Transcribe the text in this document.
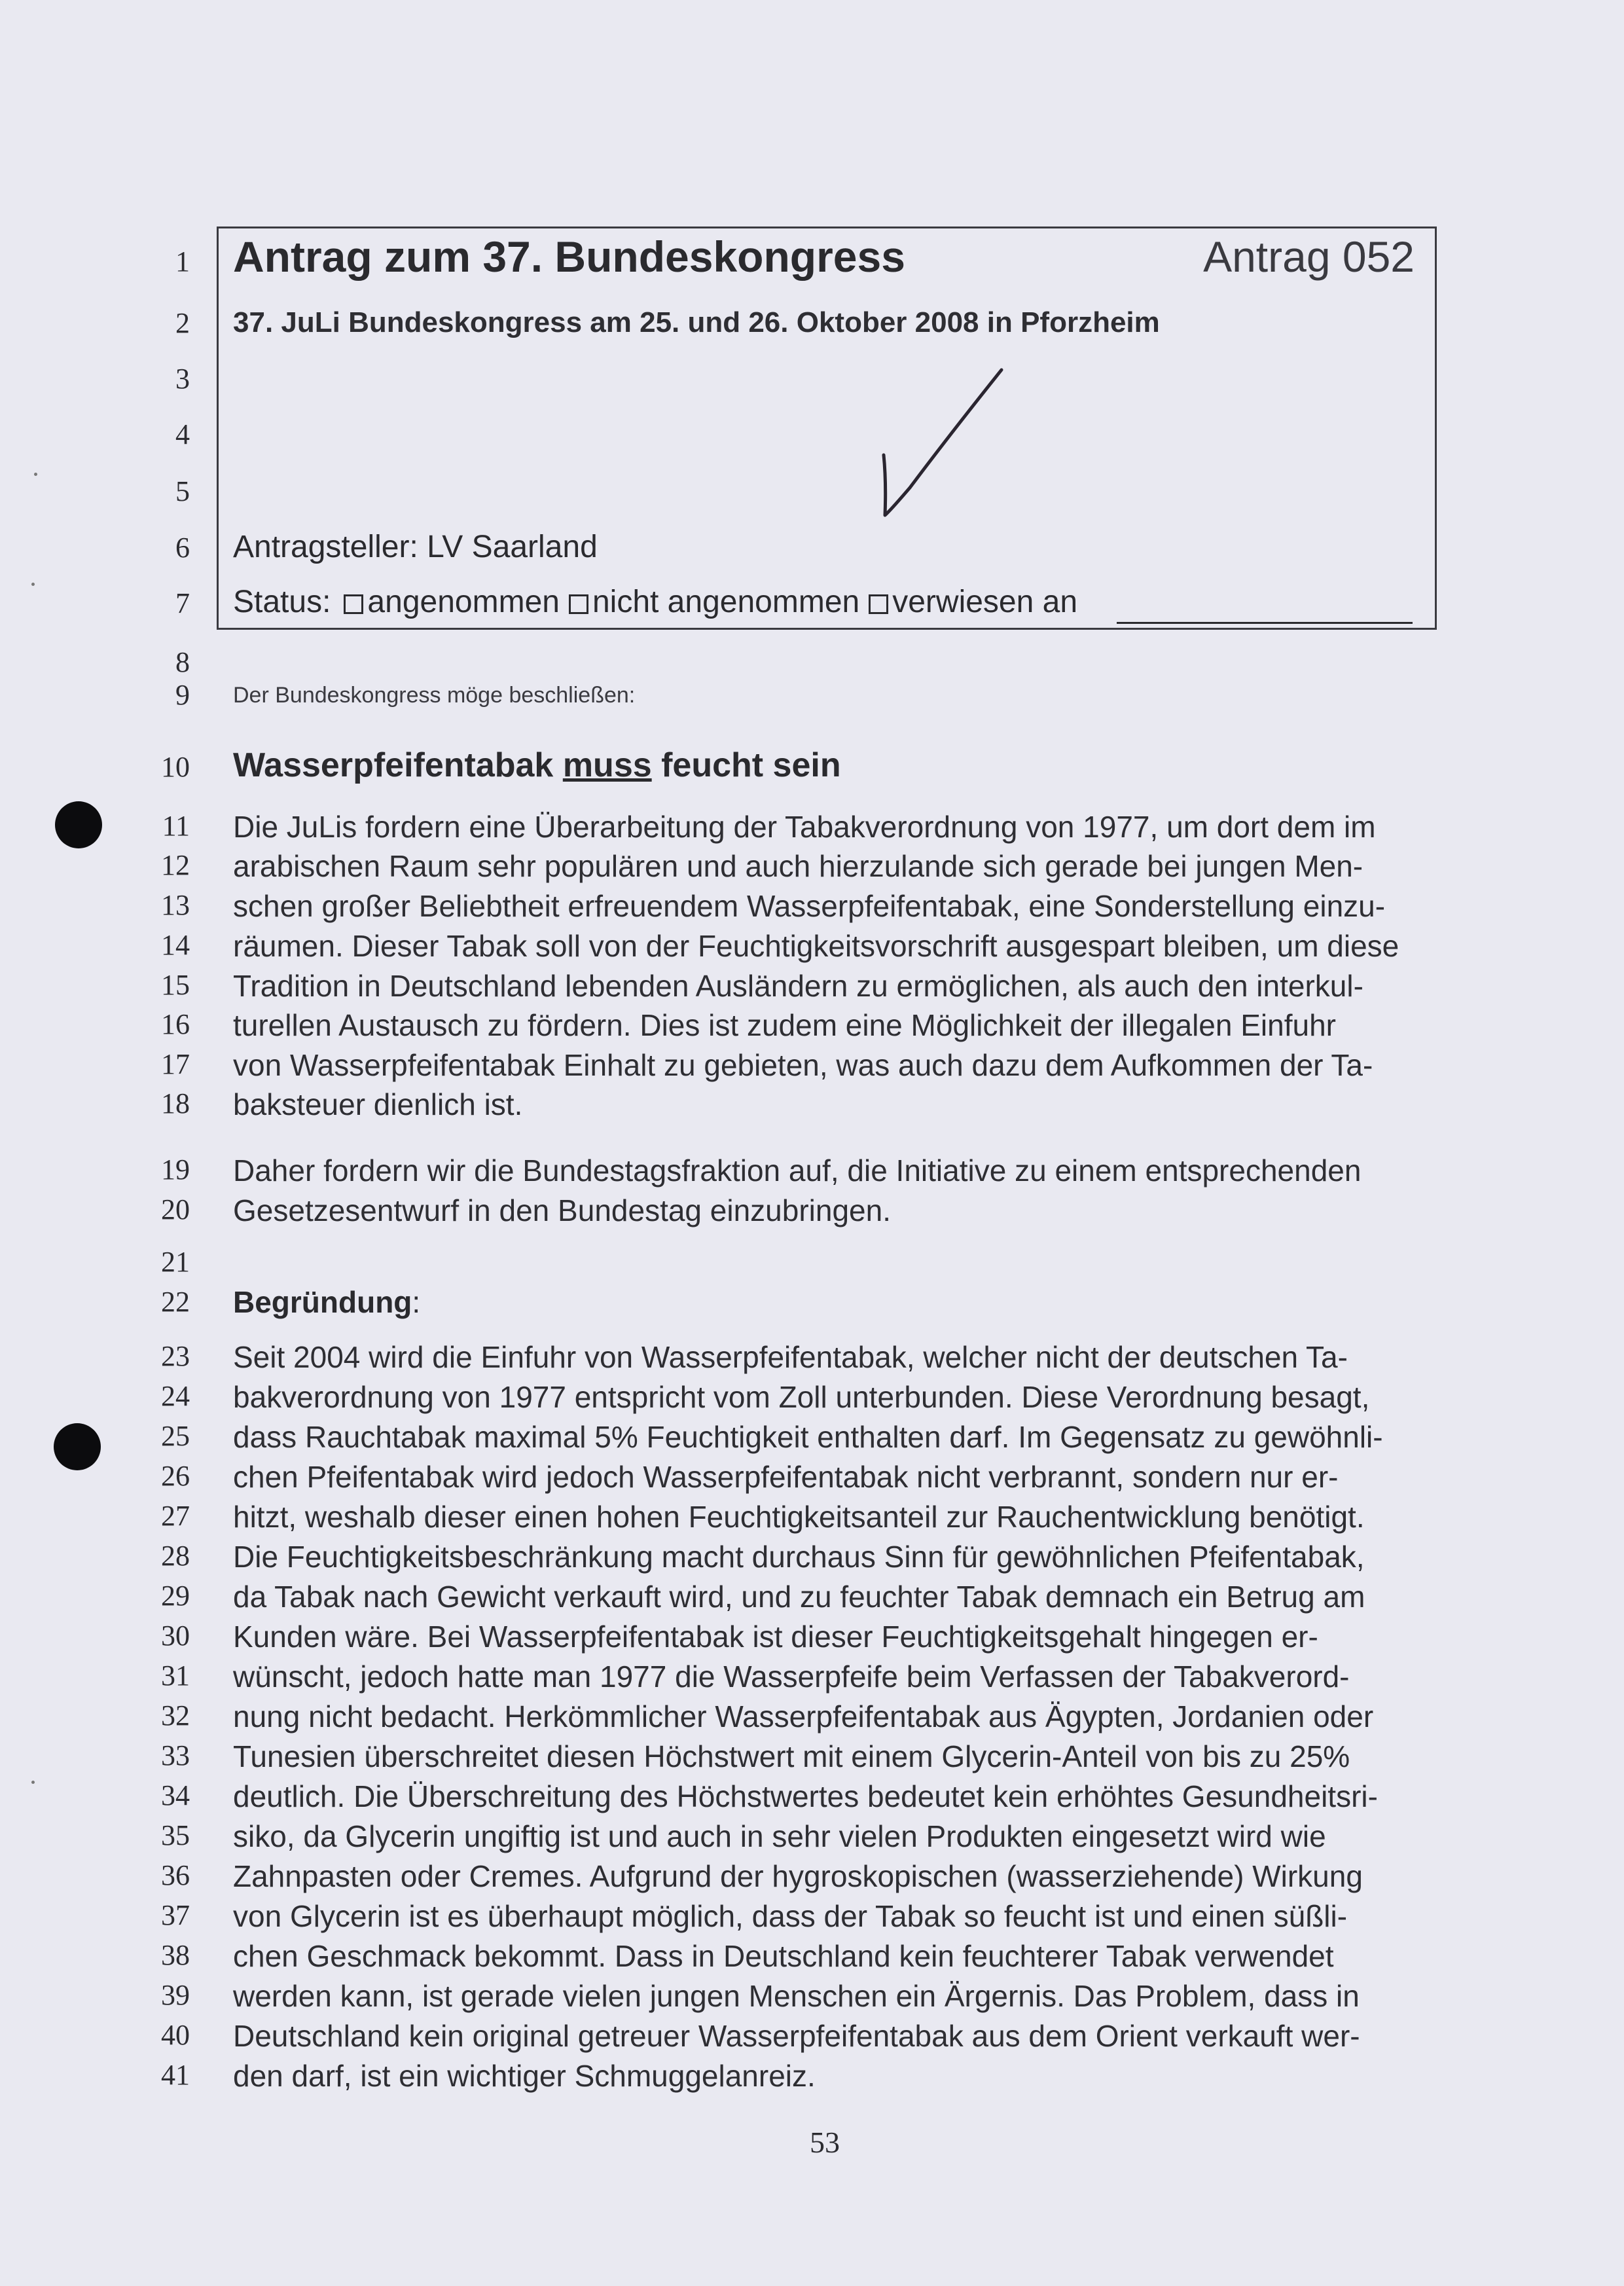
1
2
3
4
5
6
7
8
9
10
11
12
13
14
15
16
17
18
19
20
21
22
23
24
25
26
27
28
29
30
31
32
33
34
35
36
37
38
39
40
41
Antrag zum 37. Bundeskongress	Antrag 052
37. JuLi Bundeskongress am 25. und 26. Oktober 2008 in Pforzheim
Antragsteller: LV Saarland
Status: angenommen nicht angenommen verwiesen an
Der Bundeskongress möge beschließen:
Wasserpfeifentabak muss feucht sein
Die JuLis fordern eine Überarbeitung der Tabakverordnung von 1977, um dort dem im
arabischen Raum sehr populären und auch hierzulande sich gerade bei jungen Men-
schen großer Beliebtheit erfreuendem Wasserpfeifentabak, eine Sonderstellung einzu-
räumen. Dieser Tabak soll von der Feuchtigkeitsvorschrift ausgespart bleiben, um diese
Tradition in Deutschland lebenden Ausländern zu ermöglichen, als auch den interkul-
turellen Austausch zu fördern. Dies ist zudem eine Möglichkeit der illegalen Einfuhr
von Wasserpfeifentabak Einhalt zu gebieten, was auch dazu dem Aufkommen der Ta-
baksteuer dienlich ist.
Daher fordern wir die Bundestagsfraktion auf, die Initiative zu einem entsprechenden
Gesetzesentwurf in den Bundestag einzubringen.
Begründung:
Seit 2004 wird die Einfuhr von Wasserpfeifentabak, welcher nicht der deutschen Ta-
bakverordnung von 1977 entspricht vom Zoll unterbunden. Diese Verordnung besagt,
dass Rauchtabak maximal 5% Feuchtigkeit enthalten darf. Im Gegensatz zu gewöhnli-
chen Pfeifentabak wird jedoch Wasserpfeifentabak nicht verbrannt, sondern nur er-
hitzt, weshalb dieser einen hohen Feuchtigkeitsanteil zur Rauchentwicklung benötigt.
Die Feuchtigkeitsbeschränkung macht durchaus Sinn für gewöhnlichen Pfeifentabak,
da Tabak nach Gewicht verkauft wird, und zu feuchter Tabak demnach ein Betrug am
Kunden wäre. Bei Wasserpfeifentabak ist dieser Feuchtigkeitsgehalt hingegen er-
wünscht, jedoch hatte man 1977 die Wasserpfeife beim Verfassen der Tabakverord-
nung nicht bedacht. Herkömmlicher Wasserpfeifentabak aus Ägypten, Jordanien oder
Tunesien überschreitet diesen Höchstwert mit einem Glycerin-Anteil von bis zu 25%
deutlich. Die Überschreitung des Höchstwertes bedeutet kein erhöhtes Gesundheitsri-
siko, da Glycerin ungiftig ist und auch in sehr vielen Produkten eingesetzt wird wie
Zahnpasten oder Cremes. Aufgrund der hygroskopischen (wasserziehende) Wirkung
von Glycerin ist es überhaupt möglich, dass der Tabak so feucht ist und einen süßli-
chen Geschmack bekommt. Dass in Deutschland kein feuchterer Tabak verwendet
werden kann, ist gerade vielen jungen Menschen ein Ärgernis. Das Problem, dass in
Deutschland kein original getreuer Wasserpfeifentabak aus dem Orient verkauft wer-
den darf, ist ein wichtiger Schmuggelanreiz.
53
